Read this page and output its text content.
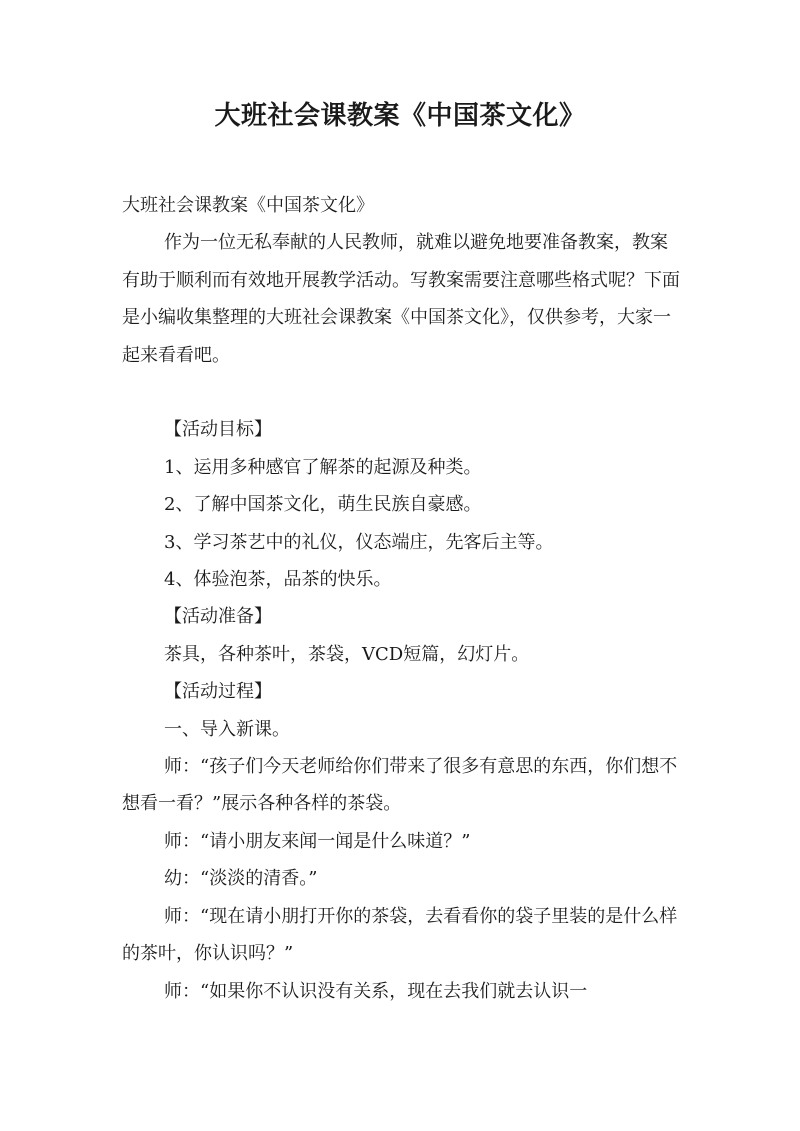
大班社会课教案《中国茶文化》

大班社会课教案《中国茶文化》

作为一位无私奉献的人民教师，就难以避免地要准备教案，教案有助于顺利而有效地开展教学活动。写教案需要注意哪些格式呢？下面是小编收集整理的大班社会课教案《中国茶文化》，仅供参考，大家一起来看看吧。

【活动目标】

1、运用多种感官了解茶的起源及种类。

2、了解中国茶文化，萌生民族自豪感。

3、学习茶艺中的礼仪，仪态端庄，先客后主等。

4、体验泡茶，品茶的快乐。

【活动准备】

茶具，各种茶叶，茶袋，VCD短篇，幻灯片。

【活动过程】

一、导入新课。

师：“孩子们今天老师给你们带来了很多有意思的东西，你们想不想看一看？”展示各种各样的茶袋。

师：“请小朋友来闻一闻是什么味道？”

幼：“淡淡的清香。”

师：“现在请小朋打开你的茶袋，去看看你的袋子里装的是什么样的茶叶，你认识吗？”

师：“如果你不认识没有关系，现在去我们就去认识一
